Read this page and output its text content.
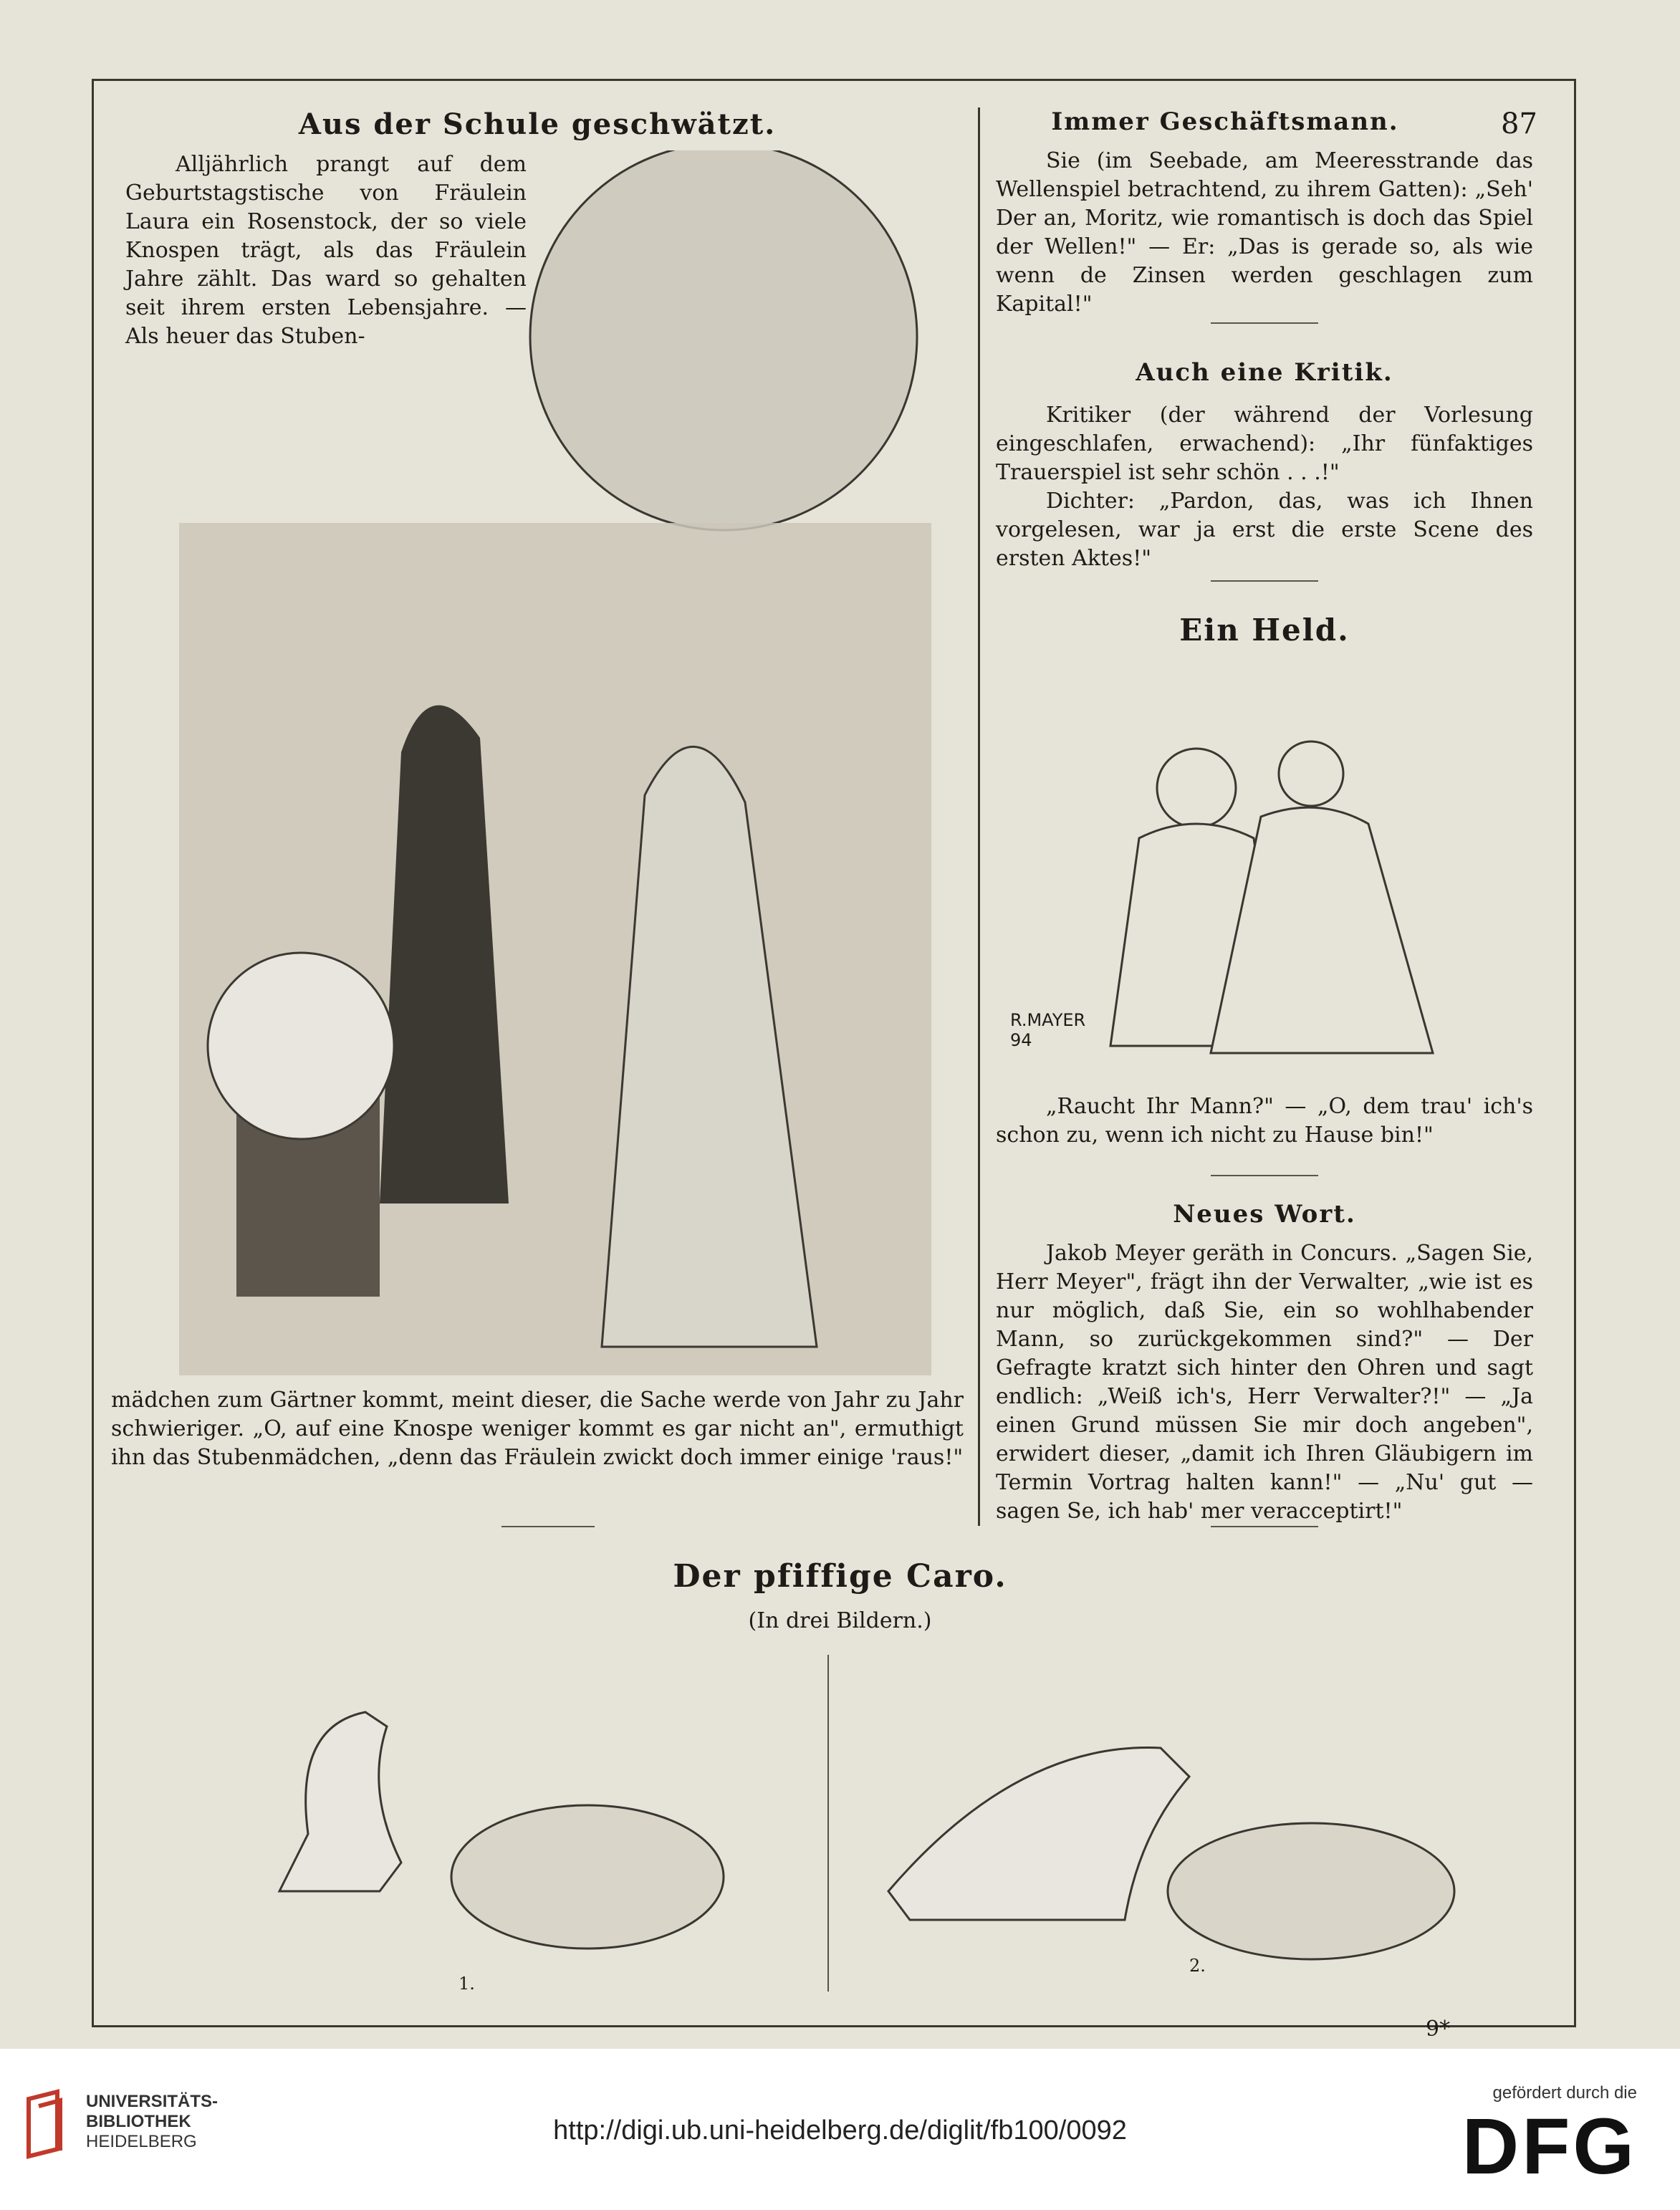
Aus der Schule geschwätzt.

Alljährlich prangt auf dem Geburtstagstische von Fräulein Laura ein Rosenstock, der so viele Knospen trägt, als das Fräulein Jahre zählt. Das ward so gehalten seit ihrem ersten Lebensjahre. — Als heuer das Stuben-

mädchen zum Gärtner kommt, meint dieser, die Sache werde von Jahr zu Jahr schwieriger. „O, auf eine Knospe weniger kommt es gar nicht an", ermuthigt ihn das Stubenmädchen, „denn das Fräulein zwickt doch immer einige 'raus!"

Immer Geschäftsmann.	87

Sie (im Seebade, am Meeresstrande das Wellenspiel betrachtend, zu ihrem Gatten): „Seh' Der an, Moritz, wie romantisch is doch das Spiel der Wellen!" — Er: „Das is gerade so, als wie wenn de Zinsen werden geschlagen zum Kapital!"

Auch eine Kritik.

Kritiker (der während der Vorlesung eingeschlafen, erwachend): „Ihr fünfaktiges Trauerspiel ist sehr schön . . .!"

Dichter: „Pardon, das, was ich Ihnen vorgelesen, war ja erst die erste Scene des ersten Aktes!"

Ein Held.
R.MAYER 94

„Raucht Ihr Mann?" — „O, dem trau' ich's schon zu, wenn ich nicht zu Hause bin!"

Neues Wort.

Jakob Meyer geräth in Concurs. „Sagen Sie, Herr Meyer", frägt ihn der Verwalter, „wie ist es nur möglich, daß Sie, ein so wohlhabender Mann, so zurückgekommen sind?" — Der Gefragte kratzt sich hinter den Ohren und sagt endlich: „Weiß ich's, Herr Verwalter?!" — „Ja einen Grund müssen Sie mir doch angeben", erwidert dieser, „damit ich Ihren Gläubigern im Termin Vortrag halten kann!" — „Nu' gut — sagen Se, ich hab' mer veracceptirt!"

Der pfiffige Caro.
(In drei Bildern.)
1.
2.
9*
UNIVERSITÄTS-
BIBLIOTHEK
HEIDELBERG	http://digi.ub.uni-heidelberg.de/diglit/fb100/0092
gefördert durch die
DFG
